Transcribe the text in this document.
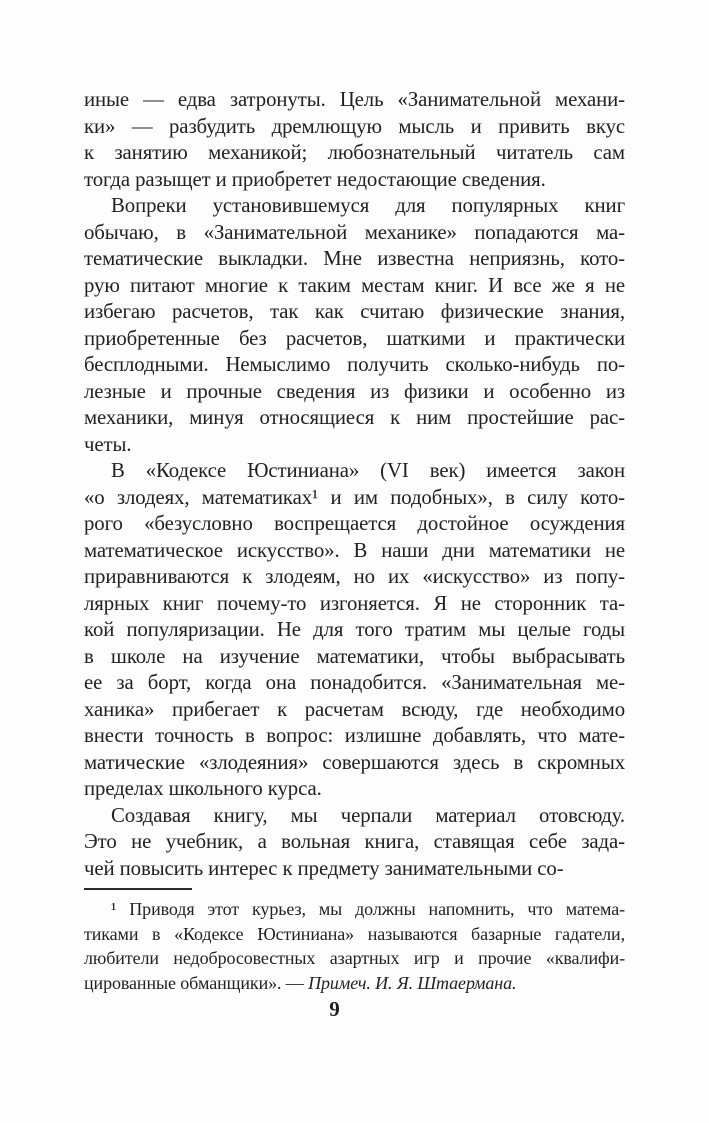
иные — едва затронуты. Цель «Занимательной механи-
ки» — разбудить дремлющую мысль и привить вкус
к занятию механикой; любознательный читатель сам
тогда разыщет и приобретет недостающие сведения.
Вопреки установившемуся для популярных книг
обычаю, в «Занимательной механике» попадаются ма-
тематические выкладки. Мне известна неприязнь, кото-
рую питают многие к таким местам книг. И все же я не
избегаю расчетов, так как считаю физические знания,
приобретенные без расчетов, шаткими и практически
бесплодными. Немыслимо получить сколько-нибудь по-
лезные и прочные сведения из физики и особенно из
механики, минуя относящиеся к ним простейшие рас-
четы.
В «Кодексе Юстиниана» (VI век) имеется закон
«о злодеях, математиках¹ и им подобных», в силу кото-
рого «безусловно воспрещается достойное осуждения
математическое искусство». В наши дни математики не
приравниваются к злодеям, но их «искусство» из попу-
лярных книг почему-то изгоняется. Я не сторонник та-
кой популяризации. Не для того тратим мы целые годы
в школе на изучение математики, чтобы выбрасывать
ее за борт, когда она понадобится. «Занимательная ме-
ханика» прибегает к расчетам всюду, где необходимо
внести точность в вопрос: излишне добавлять, что мате-
матические «злодеяния» совершаются здесь в скромных
пределах школьного курса.
Создавая книгу, мы черпали материал отовсюду.
Это не учебник, а вольная книга, ставящая себе зада-
чей повысить интерес к предмету занимательными со-
¹ Приводя этот курьез, мы должны напомнить, что матема-
тиками в «Кодексе Юстиниана» называются базарные гадатели,
любители недобросовестных азартных игр и прочие «квалифи-
цированные обманщики». — Примеч. И. Я. Штаермана.
9
